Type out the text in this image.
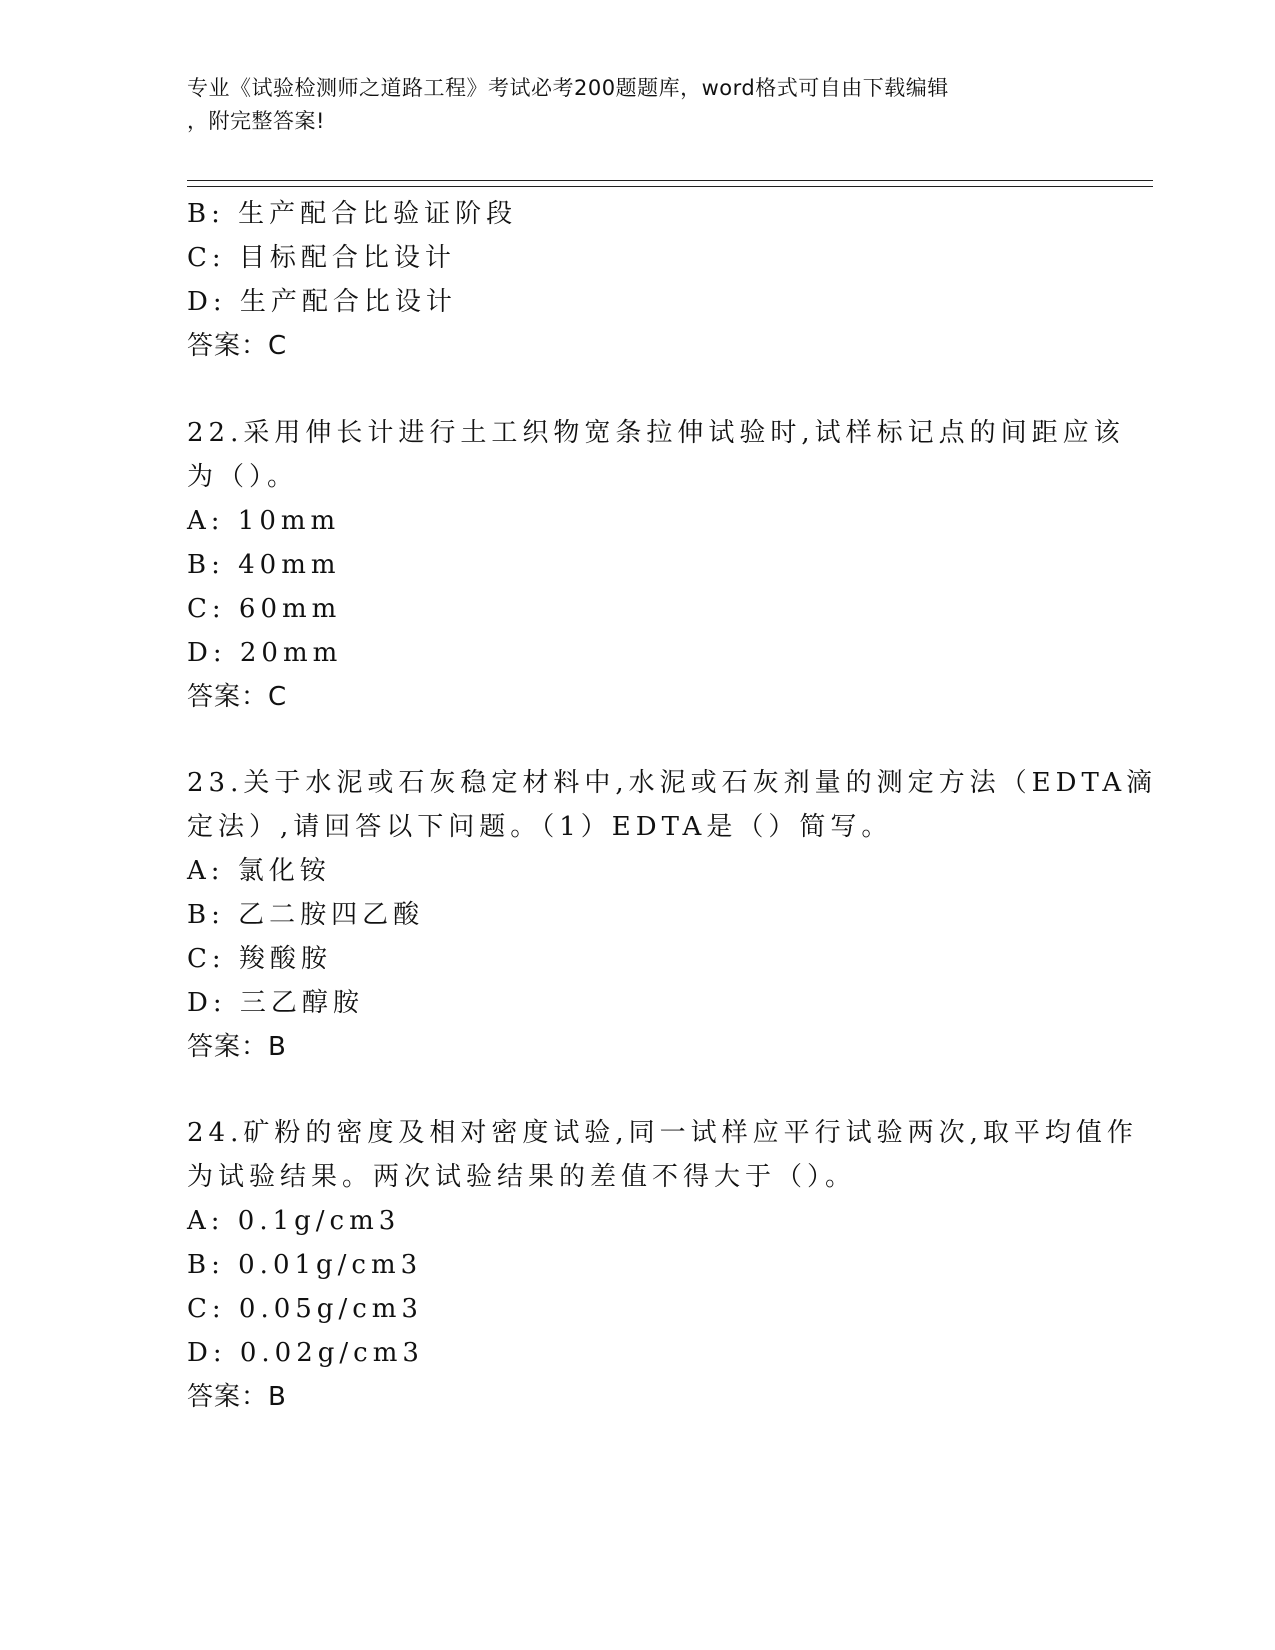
专业《试验检测师之道路工程》考试必考200题题库，word格式可自由下载编辑
，附完整答案!
B: 生产配合比验证阶段
C: 目标配合比设计
D: 生产配合比设计
答案：C
22.采用伸长计进行土工织物宽条拉伸试验时,试样标记点的间距应该
为（）。
A: 10mm
B: 40mm
C: 60mm
D: 20mm
答案：C
23.关于水泥或石灰稳定材料中,水泥或石灰剂量的测定方法（EDTA滴
定法）,请回答以下问题。（1）EDTA是（）简写。
A: 氯化铵
B: 乙二胺四乙酸
C: 羧酸胺
D: 三乙醇胺
答案：B
24.矿粉的密度及相对密度试验,同一试样应平行试验两次,取平均值作
为试验结果。两次试验结果的差值不得大于（）。
A: 0.1g/cm3
B: 0.01g/cm3
C: 0.05g/cm3
D: 0.02g/cm3
答案：B
